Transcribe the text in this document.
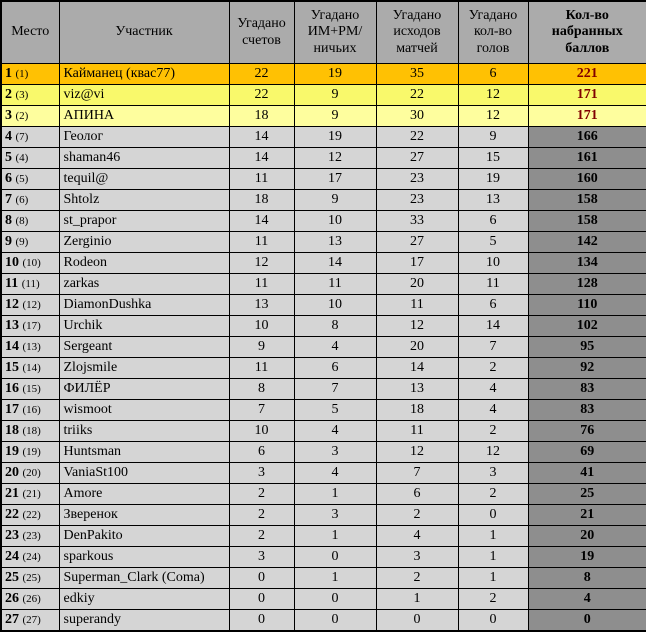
Место	Участник	Угадано счетов	Угадано ИМ+РМ/ ничьих	Угадано исходов матчей	Угадано кол-во голов	Кол-во набранных баллов
1 (1)	Кайманец (квас77)	22	19	35	6	221
2 (3)	viz@vi	22	9	22	12	171
3 (2)	АПИНА	18	9	30	12	171
4 (7)	Геолог	14	19	22	9	166
5 (4)	shaman46	14	12	27	15	161
6 (5)	tequil@	11	17	23	19	160
7 (6)	Shtolz	18	9	23	13	158
8 (8)	st_prapor	14	10	33	6	158
9 (9)	Zerginio	11	13	27	5	142
10 (10)	Rodeon	12	14	17	10	134
11 (11)	zarkas	11	11	20	11	128
12 (12)	DiamonDushka	13	10	11	6	110
13 (17)	Urchik	10	8	12	14	102
14 (13)	Sergeant	9	4	20	7	95
15 (14)	Zlojsmile	11	6	14	2	92
16 (15)	ФИЛЁР	8	7	13	4	83
17 (16)	wismoot	7	5	18	4	83
18 (18)	triiks	10	4	11	2	76
19 (19)	Huntsman	6	3	12	12	69
20 (20)	VaniaSt100	3	4	7	3	41
21 (21)	Amore	2	1	6	2	25
22 (22)	Зверенок	2	3	2	0	21
23 (23)	DenPakito	2	1	4	1	20
24 (24)	sparkous	3	0	3	1	19
25 (25)	Superman_Clark (Coma)	0	1	2	1	8
26 (26)	edkiy	0	0	1	2	4
27 (27)	superandy	0	0	0	0	0
